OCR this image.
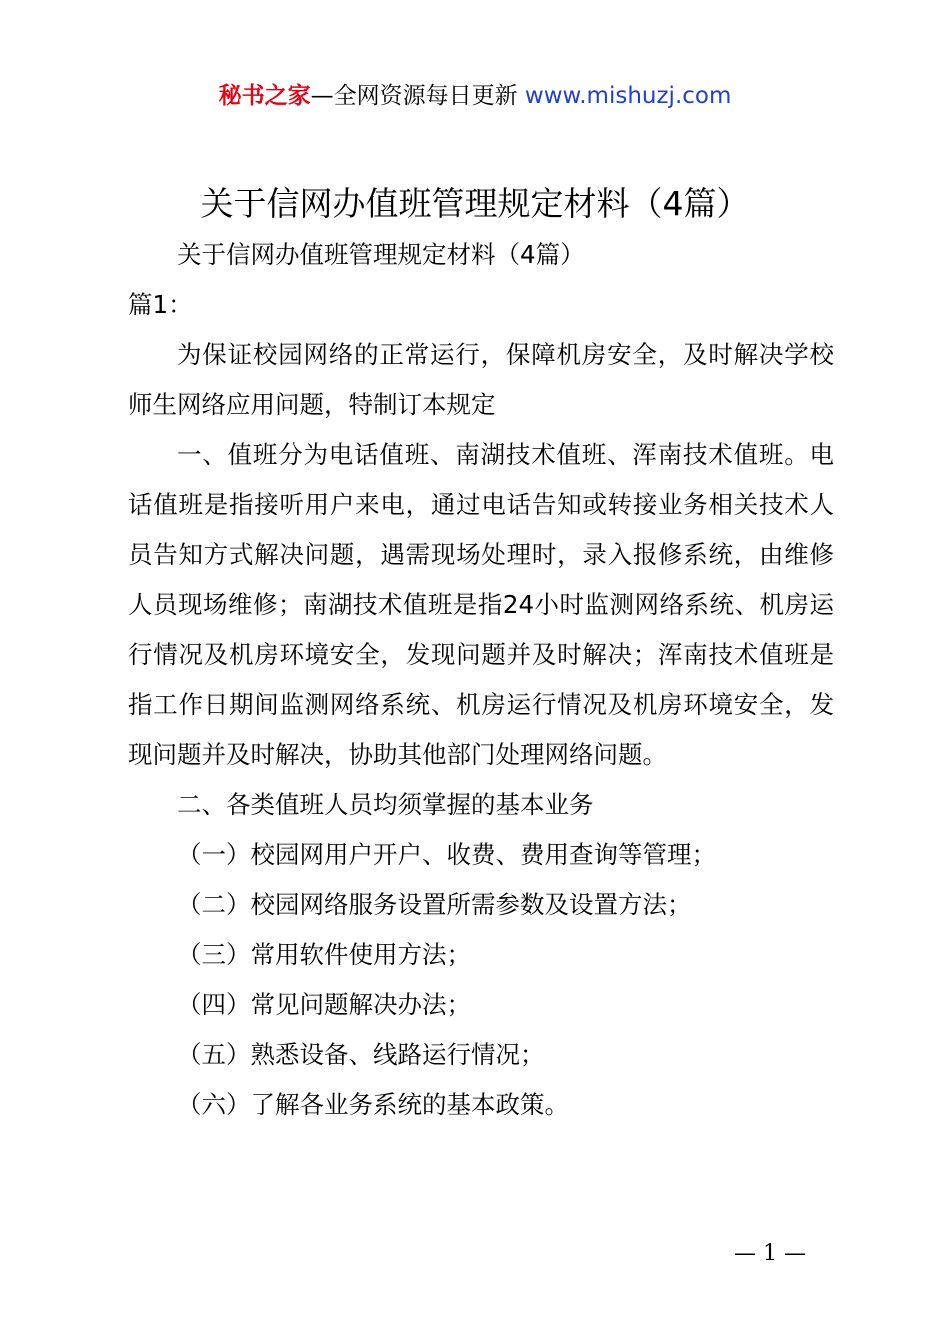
秘书之家—全网资源每日更新 www.mishuzj.com
关于信网办值班管理规定材料（4篇）

关于信网办值班管理规定材料（4篇）

篇1：

为保证校园网络的正常运行，保障机房安全，及时解决学校师生网络应用问题，特制订本规定

一、值班分为电话值班、南湖技术值班、浑南技术值班。电话值班是指接听用户来电，通过电话告知或转接业务相关技术人员告知方式解决问题，遇需现场处理时，录入报修系统，由维修人员现场维修；南湖技术值班是指24小时监测网络系统、机房运行情况及机房环境安全，发现问题并及时解决；浑南技术值班是指工作日期间监测网络系统、机房运行情况及机房环境安全，发现问题并及时解决，协助其他部门处理网络问题。

二、各类值班人员均须掌握的基本业务

（一）校园网用户开户、收费、费用查询等管理；

（二）校园网络服务设置所需参数及设置方法；

（三）常用软件使用方法；

（四）常见问题解决办法；

（五）熟悉设备、线路运行情况；

（六）了解各业务系统的基本政策。

— 1 —
